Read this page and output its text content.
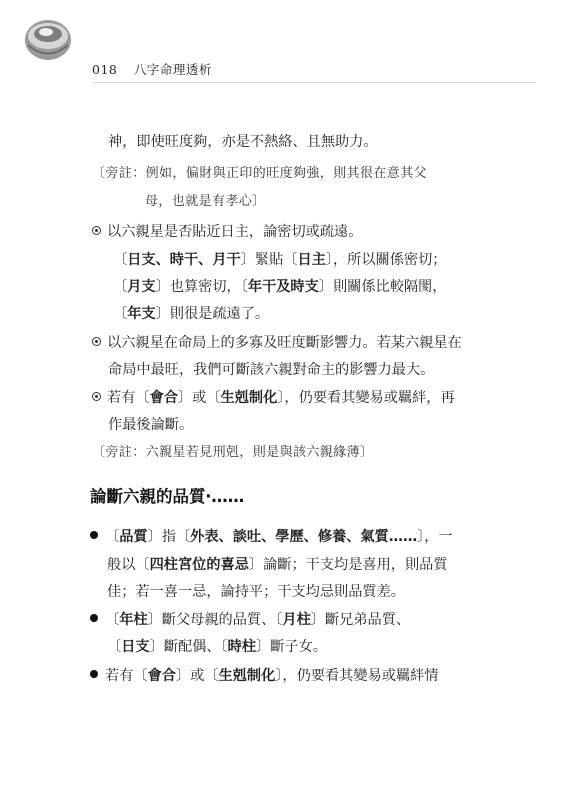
018 八字命理透析
神，即使旺度夠，亦是不熱絡、且無助力。
〔旁註：例如，偏財與正印的旺度夠強，則其很在意其父
母，也就是有孝心〕
以六親星是否貼近日主，論密切或疏遠。
〔日支、時干、月干〕緊貼〔日主〕，所以關係密切；
〔月支〕也算密切，〔年干及時支〕則關係比較隔閡，
〔年支〕則很是疏遠了。
以六親星在命局上的多寡及旺度斷影響力。若某六親星在
命局中最旺，我們可斷該六親對命主的影響力最大。
若有〔會合〕或〔生剋制化〕，仍要看其變易或羈絆，再
作最後論斷。
〔旁註：六親星若見刑剋，則是與該六親緣薄〕
論斷六親的品質‧……
〔品質〕指〔外表、談吐、學歷、修養、氣質……〕，一
般以〔四柱宮位的喜忌〕論斷；干支均是喜用，則品質
佳；若一喜一忌，論持平；干支均忌則品質差。
〔年柱〕斷父母親的品質、〔月柱〕斷兄弟品質、
〔日支〕斷配偶、〔時柱〕斷子女。
若有〔會合〕或〔生剋制化〕，仍要看其變易或羈絆情
